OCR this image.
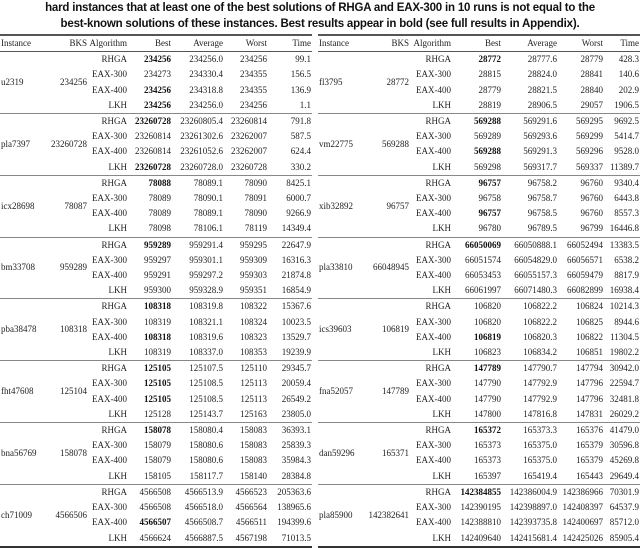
hard instances that at least one of the best solutions of RHGA and EAX-300 in 10 runs is not equal to the
best-known solutions of these instances. Best results appear in bold (see full results in Appendix).
Instance	BKS	Algorithm	Best	Average	Worst	Time
u2319	234256	RHGA	234256	234256.0	234256	99.1
		EAX-300	234273	234330.4	234355	156.5
		EAX-400	234256	234318.8	234355	136.9
		LKH	234256	234256.0	234256	1.1
pla7397	23260728	RHGA	23260728	23260805.4	23260814	791.8
		EAX-300	23260814	23261302.6	23262007	587.5
		EAX-400	23260814	23261052.6	23262007	624.4
		LKH	23260728	23260728.0	23260728	330.2
icx28698	78087	RHGA	78088	78089.1	78090	8425.1
		EAX-300	78089	78090.1	78091	6000.7
		EAX-400	78089	78089.1	78090	9266.9
		LKH	78098	78106.1	78119	14349.4
bm33708	959289	RHGA	959289	959291.4	959295	22647.9
		EAX-300	959297	959301.1	959309	16316.3
		EAX-400	959291	959297.2	959303	21874.8
		LKH	959300	959328.9	959351	16854.9
pba38478	108318	RHGA	108318	108319.8	108322	15367.6
		EAX-300	108319	108321.1	108324	10023.5
		EAX-400	108318	108319.6	108323	13529.7
		LKH	108319	108337.0	108353	19239.9
fht47608	125104	RHGA	125105	125107.5	125110	29345.7
		EAX-300	125105	125108.5	125113	20059.4
		EAX-400	125105	125108.5	125113	26549.2
		LKH	125128	125143.7	125163	23805.0
bna56769	158078	RHGA	158078	158080.4	158083	36393.1
		EAX-300	158079	158080.6	158083	25839.3
		EAX-400	158079	158080.6	158083	35984.3
		LKH	158105	158117.7	158140	28384.8
ch71009	4566506	RHGA	4566508	4566513.9	4566523	205363.6
		EAX-300	4566508	4566518.0	4566564	138965.6
		EAX-400	4566507	4566508.7	4566511	194399.6
		LKH	4566624	4566887.5	4567198	71013.5
Instance	BKS	Algorithm	Best	Average	Worst	Time
fl3795	28772	RHGA	28772	28777.6	28779	428.3
		EAX-300	28815	28824.0	28841	140.6
		EAX-400	28779	28821.5	28840	202.9
		LKH	28819	28906.5	29057	1906.5
vm22775	569288	RHGA	569288	569291.6	569295	9692.5
		EAX-300	569289	569293.6	569299	5414.7
		EAX-400	569288	569291.3	569296	9528.0
		LKH	569298	569317.7	569337	11389.7
xib32892	96757	RHGA	96757	96758.2	96760	9340.4
		EAX-300	96758	96758.7	96760	6443.8
		EAX-400	96757	96758.5	96760	8557.3
		LKH	96780	96789.5	96799	16446.8
pla33810	66048945	RHGA	66050069	66050888.1	66052494	13383.5
		EAX-300	66051574	66054829.0	66056571	6538.2
		EAX-400	66053453	66055157.3	66059479	8817.9
		LKH	66061997	66071480.3	66082899	16938.4
ics39603	106819	RHGA	106820	106822.2	106824	10214.3
		EAX-300	106820	106822.2	106825	8944.6
		EAX-400	106819	106820.3	106822	11304.5
		LKH	106823	106834.2	106851	19802.2
fna52057	147789	RHGA	147789	147790.7	147794	30942.0
		EAX-300	147790	147792.9	147796	22594.7
		EAX-400	147790	147792.9	147796	32481.8
		LKH	147800	147816.8	147831	26029.2
dan59296	165371	RHGA	165372	165373.3	165376	41479.0
		EAX-300	165373	165375.0	165379	30596.8
		EAX-400	165373	165375.0	165379	45269.8
		LKH	165397	165419.4	165443	29649.4
pla85900	142382641	RHGA	142384855	142386004.9	142386966	70301.9
		EAX-300	142390195	142398897.0	142408397	64537.9
		EAX-400	142388810	142393735.8	142400697	85712.0
		LKH	142409640	142415681.4	142425026	85905.4
